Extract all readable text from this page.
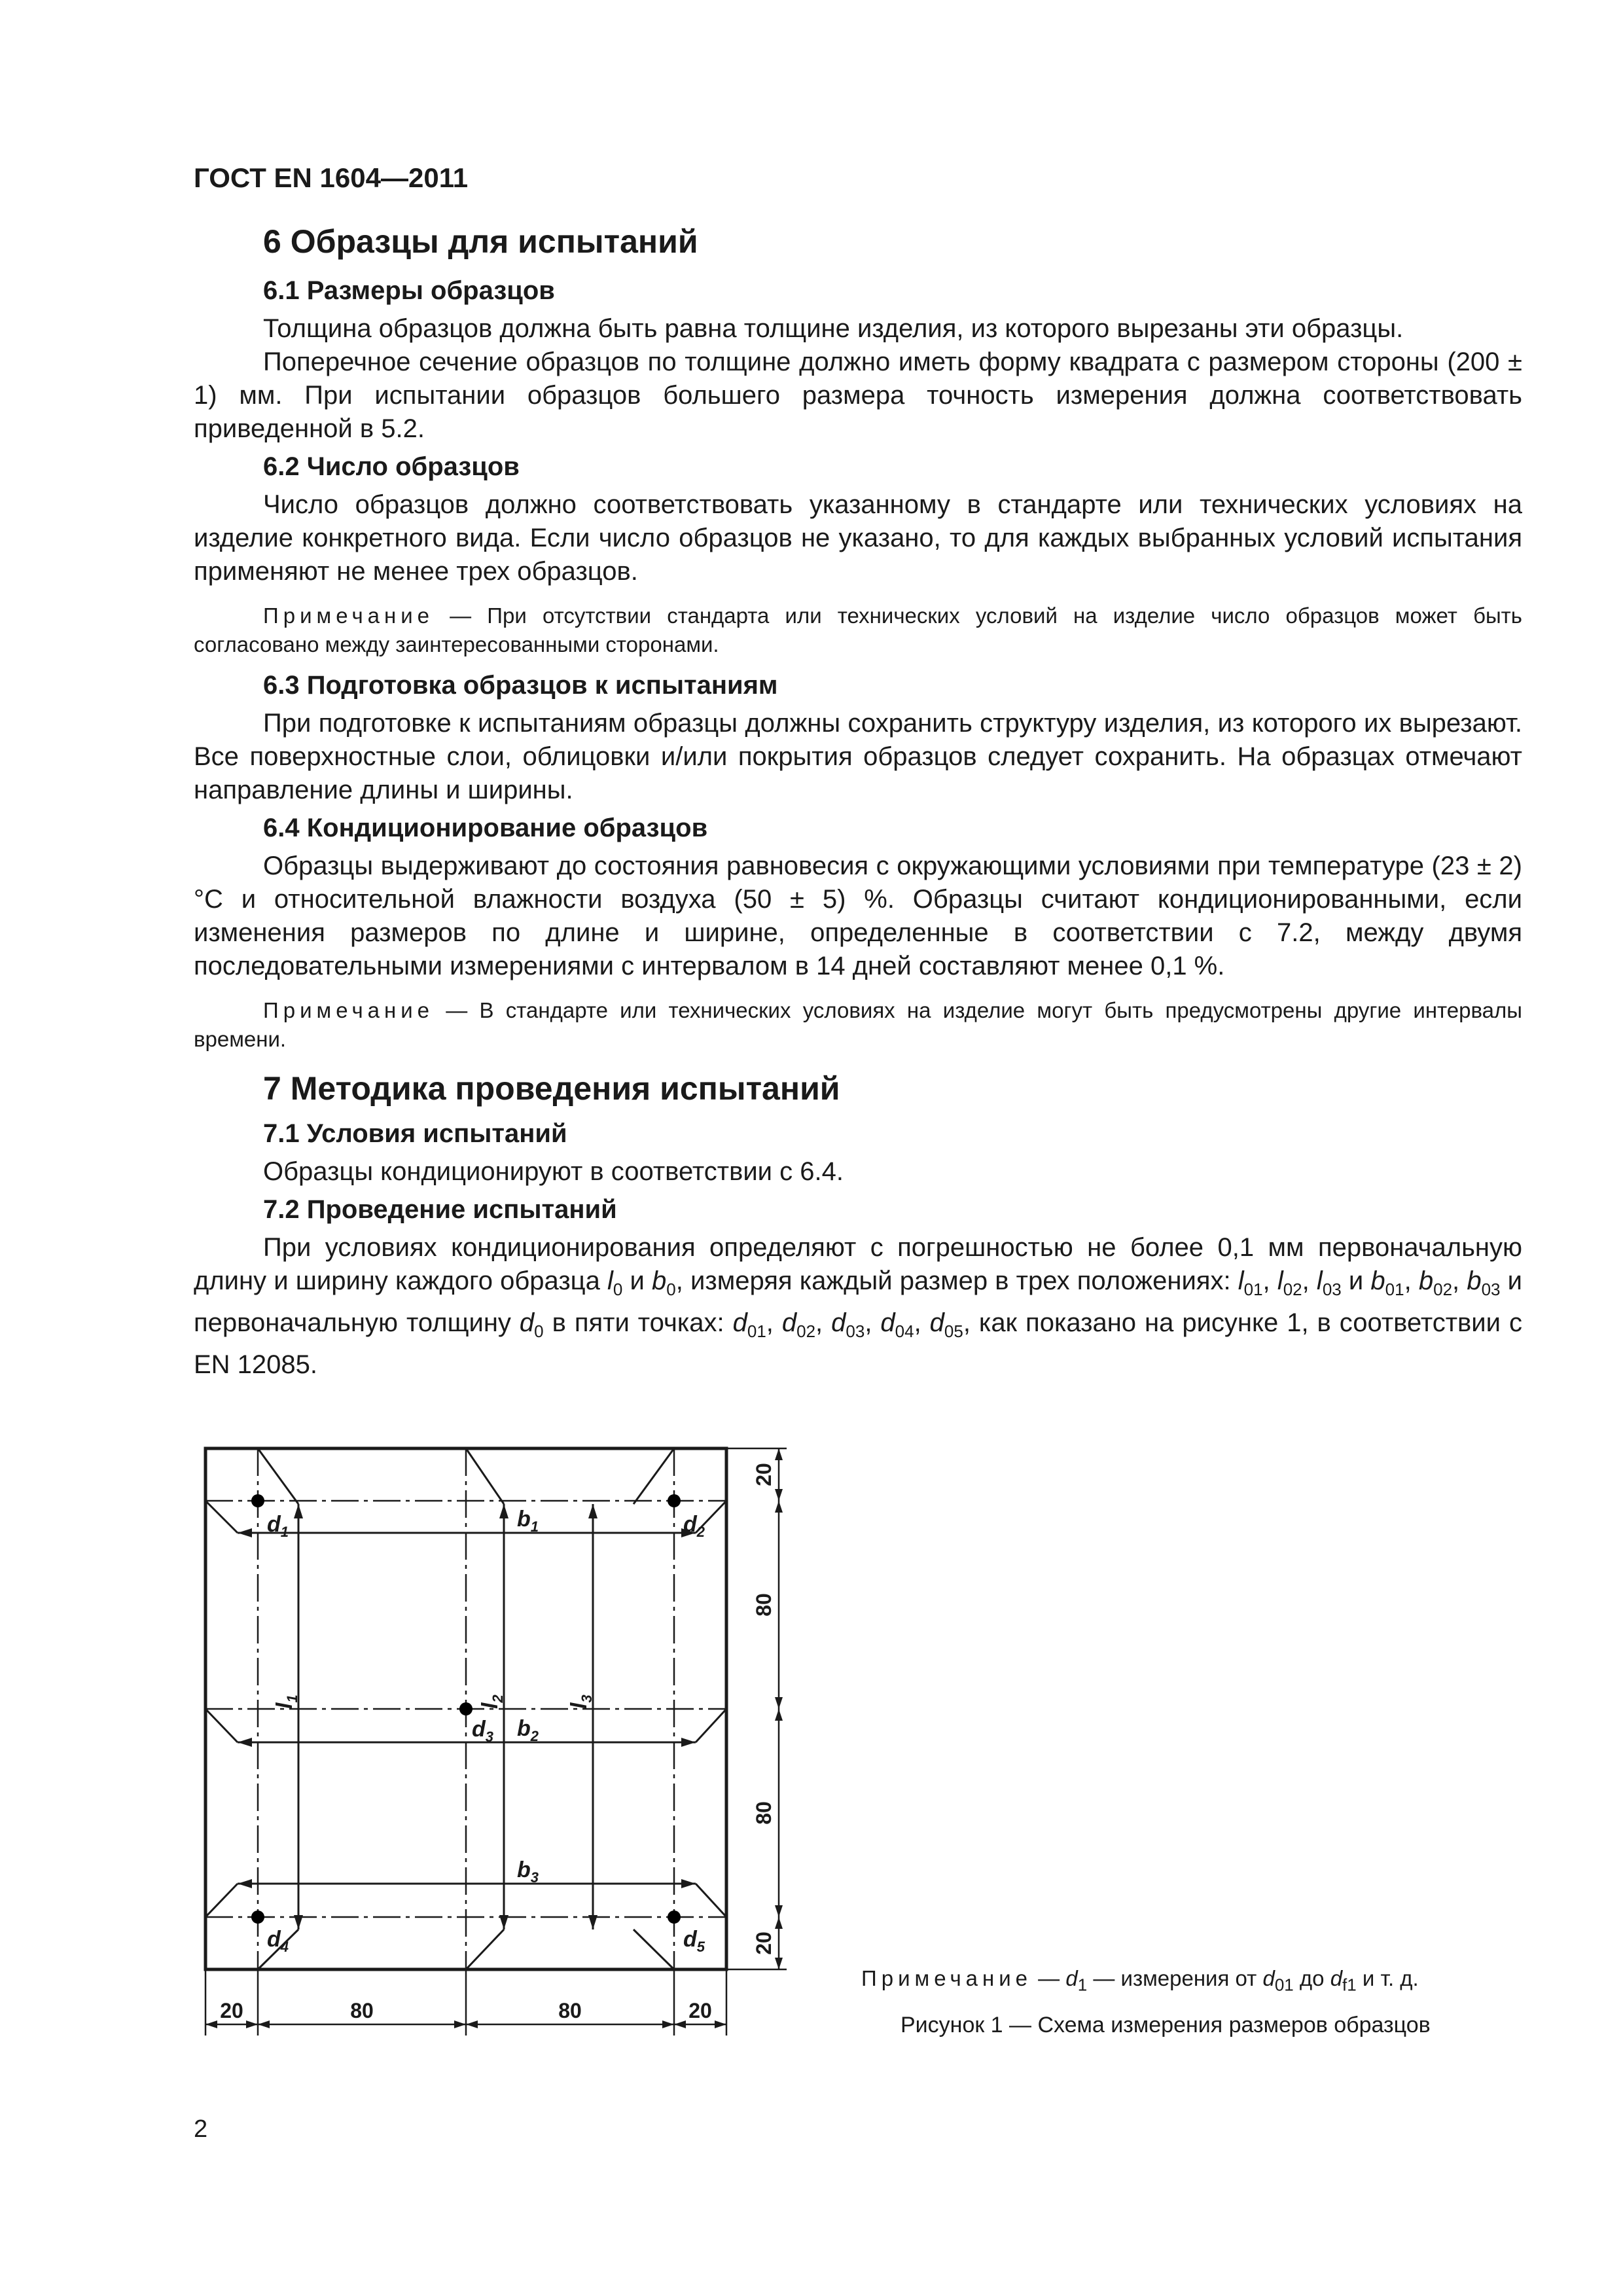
ГОСТ EN 1604—2011
6 Образцы для испытаний
6.1 Размеры образцов

Толщина образцов должна быть равна толщине изделия, из которого вырезаны эти образцы.

Поперечное сечение образцов по толщине должно иметь форму квадрата с размером стороны (200 ± 1) мм. При испытании образцов большего размера точность измерения должна соответствовать приведенной в 5.2.

6.2 Число образцов

Число образцов должно соответствовать указанному в стандарте или технических условиях на изделие конкретного вида. Если число образцов не указано, то для каждых выбранных условий испытания применяют не менее трех образцов.

Примечание — При отсутствии стандарта или технических условий на изделие число образцов может быть согласовано между заинтересованными сторонами.

6.3 Подготовка образцов к испытаниям

При подготовке к испытаниям образцы должны сохранить структуру изделия, из которого их вырезают. Все поверхностные слои, облицовки и/или покрытия образцов следует сохранить. На образцах отмечают направление длины и ширины.

6.4 Кондиционирование образцов

Образцы выдерживают до состояния равновесия с окружающими условиями при температуре (23 ± 2) °С и относительной влажности воздуха (50 ± 5) %. Образцы считают кондиционированными, если изменения размеров по длине и ширине, определенные в соответствии с 7.2, между двумя последовательными измерениями с интервалом в 14 дней составляют менее 0,1 %.

Примечание — В стандарте или технических условиях на изделие могут быть предусмотрены другие интервалы времени.

7 Методика проведения испытаний
7.1 Условия испытаний

Образцы кондиционируют в соответствии с 6.4.

7.2 Проведение испытаний

При условиях кондиционирования определяют с погрешностью не более 0,1 мм первоначальную длину и ширину каждого образца $l_0$ и $b_0$, измеряя каждый размер в трех положениях: $l_{01}$, $l_{02}$, $l_{03}$ и $b_{01}$, $b_{02}$, $b_{03}$ и первоначальную толщину $d_0$ в пяти точках: $d_{01}$, $d_{02}$, $d_{03}$, $d_{04}$, $d_{05}$, как показано на рисунке 1, в соответствии с EN 12085.

$d_1$	$d_2$
$d_3$
$d_4$	$d_5$
$b_1$
$b_2$
$b_3$
$l_1$
$l_2$
$l_3$
20	80	80	20
20
80
80
20

Примечание — $d_1$ — измерения от $d_{01}$ до $d_{f1}$ и т. д.

Рисунок 1 — Схема измерения размеров образцов
2
